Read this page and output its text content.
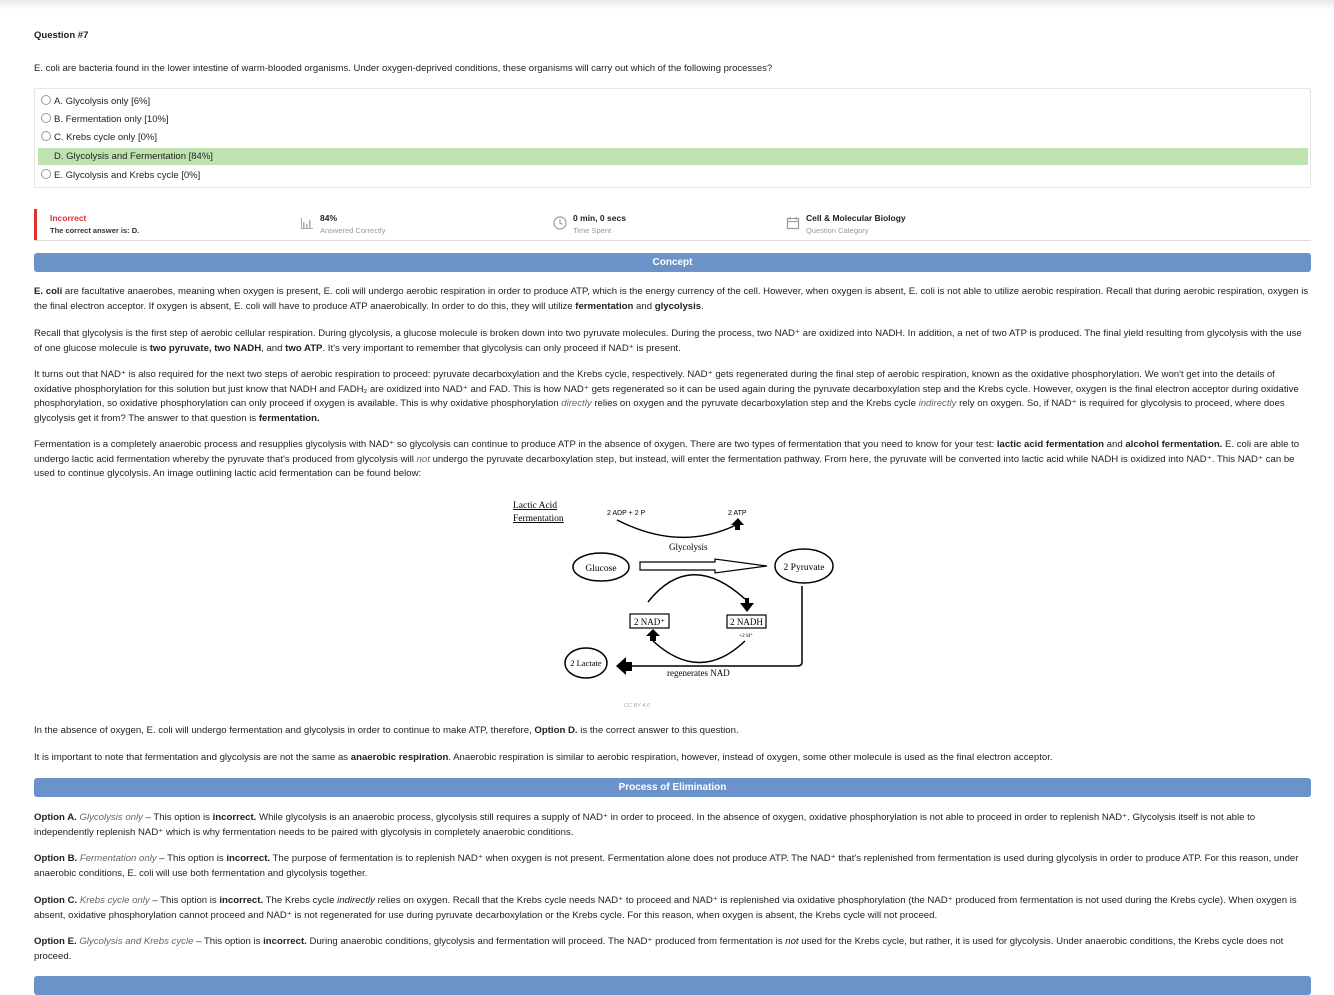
Question #7
E. coli are bacteria found in the lower intestine of warm-blooded organisms. Under oxygen-deprived conditions, these organisms will carry out which of the following processes?
A. Glycolysis only [6%]
B. Fermentation only [10%]
C. Krebs cycle only [0%]
D. Glycolysis and Fermentation [84%]
E. Glycolysis and Krebs cycle [0%]
Incorrect
The correct answer is: D.
84%
Answered Correctly
0 min, 0 secs
Time Spent
Cell & Molecular Biology
Question Category
Concept
E. coli are facultative anaerobes, meaning when oxygen is present, E. coli will undergo aerobic respiration in order to produce ATP, which is the energy currency of the cell. However, when oxygen is absent, E. coli is not able to utilize aerobic respiration. Recall that during aerobic respiration, oxygen is the final electron acceptor. If oxygen is absent, E. coli will have to produce ATP anaerobically. In order to do this, they will utilize fermentation and glycolysis.
Recall that glycolysis is the first step of aerobic cellular respiration. During glycolysis, a glucose molecule is broken down into two pyruvate molecules. During the process, two NAD⁺ are oxidized into NADH. In addition, a net of two ATP is produced. The final yield resulting from glycolysis with the use of one glucose molecule is two pyruvate, two NADH, and two ATP. It's very important to remember that glycolysis can only proceed if NAD⁺ is present.
It turns out that NAD⁺ is also required for the next two steps of aerobic respiration to proceed: pyruvate decarboxylation and the Krebs cycle, respectively. NAD⁺ gets regenerated during the final step of aerobic respiration, known as the oxidative phosphorylation. We won't get into the details of oxidative phosphorylation for this solution but just know that NADH and FADH₂ are oxidized into NAD⁺ and FAD. This is how NAD⁺ gets regenerated so it can be used again during the pyruvate decarboxylation step and the Krebs cycle. However, oxygen is the final electron acceptor during oxidative phosphorylation, so oxidative phosphorylation can only proceed if oxygen is available. This is why oxidative phosphorylation directly relies on oxygen and the pyruvate decarboxylation step and the Krebs cycle indirectly rely on oxygen. So, if NAD⁺ is required for glycolysis to proceed, where does glycolysis get it from? The answer to that question is fermentation.
Fermentation is a completely anaerobic process and resupplies glycolysis with NAD⁺ so glycolysis can continue to produce ATP in the absence of oxygen. There are two types of fermentation that you need to know for your test: lactic acid fermentation and alcohol fermentation. E. coli are able to undergo lactic acid fermentation whereby the pyruvate that's produced from glycolysis will not undergo the pyruvate decarboxylation step, but instead, will enter the fermentation pathway. From here, the pyruvate will be converted into lactic acid while NADH is oxidized into NAD⁺. This NAD⁺ can be used to continue glycolysis. An image outlining lactic acid fermentation can be found below:
In the absence of oxygen, E. coli will undergo fermentation and glycolysis in order to continue to make ATP, therefore, Option D. is the correct answer to this question.
It is important to note that fermentation and glycolysis are not the same as anaerobic respiration. Anaerobic respiration is similar to aerobic respiration, however, instead of oxygen, some other molecule is used as the final electron acceptor.
Process of Elimination
Option A. Glycolysis only – This option is incorrect. While glycolysis is an anaerobic process, glycolysis still requires a supply of NAD⁺ in order to proceed. In the absence of oxygen, oxidative phosphorylation is not able to proceed in order to replenish NAD⁺. Glycolysis itself is not able to independently replenish NAD⁺ which is why fermentation needs to be paired with glycolysis in completely anaerobic conditions.
Option B. Fermentation only – This option is incorrect. The purpose of fermentation is to replenish NAD⁺ when oxygen is not present. Fermentation alone does not produce ATP. The NAD⁺ that's replenished from fermentation is used during glycolysis in order to produce ATP. For this reason, under anaerobic conditions, E. coli will use both fermentation and glycolysis together.
Option C. Krebs cycle only – This option is incorrect. The Krebs cycle indirectly relies on oxygen. Recall that the Krebs cycle needs NAD⁺ to proceed and NAD⁺ is replenished via oxidative phosphorylation (the NAD⁺ produced from fermentation is not used during the Krebs cycle). When oxygen is absent, oxidative phosphorylation cannot proceed and NAD⁺ is not regenerated for use during pyruvate decarboxylation or the Krebs cycle. For this reason, when oxygen is absent, the Krebs cycle will not proceed.
Option E. Glycolysis and Krebs cycle – This option is incorrect. During anaerobic conditions, glycolysis and fermentation will proceed. The NAD⁺ produced from fermentation is not used for the Krebs cycle, but rather, it is used for glycolysis. Under anaerobic conditions, the Krebs cycle does not proceed.
CC BY 4.0
Lactic Acid
Fermentation
2 ADP + 2 P	2 ATP
Glycolysis
Glucose	2 Pyruvate
2 NAD⁺	2 NADH
+2 H⁺
2 Lactate
regenerates NAD
